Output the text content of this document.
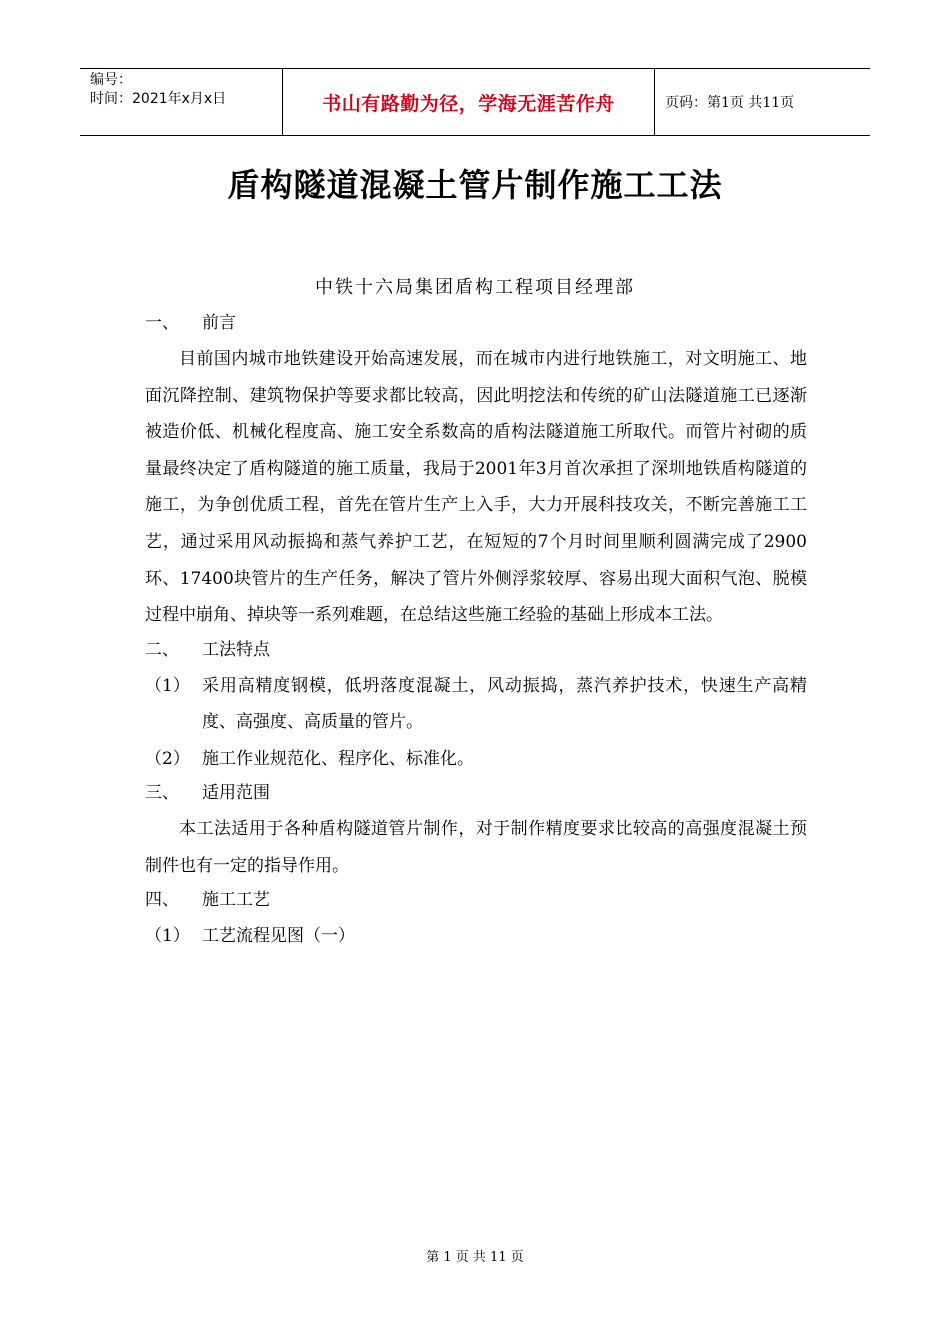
编号：
时间：2021年x月x日	书山有路勤为径，学海无涯苦作舟	页码：第1页 共11页
盾构隧道混凝土管片制作施工工法
中铁十六局集团盾构工程项目经理部
一、	前言

目前国内城市地铁建设开始高速发展，而在城市内进行地铁施工，对文明施工、地面沉降控制、建筑物保护等要求都比较高，因此明挖法和传统的矿山法隧道施工已逐渐被造价低、机械化程度高、施工安全系数高的盾构法隧道施工所取代。而管片衬砌的质量最终决定了盾构隧道的施工质量，我局于2001年3月首次承担了深圳地铁盾构隧道的施工，为争创优质工程，首先在管片生产上入手，大力开展科技攻关，不断完善施工工艺，通过采用风动振捣和蒸气养护工艺，在短短的7个月时间里顺利圆满完成了2900环、17400块管片的生产任务，解决了管片外侧浮浆较厚、容易出现大面积气泡、脱模过程中崩角、掉块等一系列难题，在总结这些施工经验的基础上形成本工法。

二、	工法特点
（1） 采用高精度钢模，低坍落度混凝土，风动振捣，蒸汽养护技术，快速生产高精度、高强度、高质量的管片。
（2） 施工作业规范化、程序化、标准化。
三、	适用范围

本工法适用于各种盾构隧道管片制作，对于制作精度要求比较高的高强度混凝土预制件也有一定的指导作用。

四、	施工工艺
（1） 工艺流程见图（一）
第 1 页 共 11 页
